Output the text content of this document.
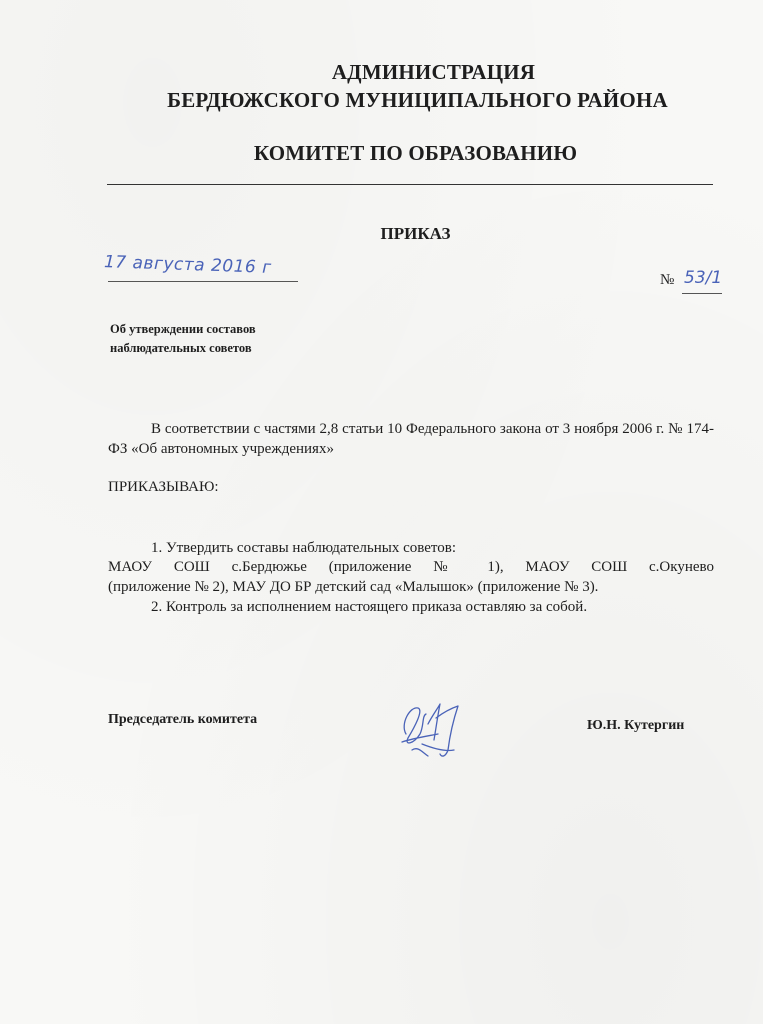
АДМИНИСТРАЦИЯ
БЕРДЮЖСКОГО МУНИЦИПАЛЬНОГО РАЙОНА
КОМИТЕТ ПО ОБРАЗОВАНИЮ
ПРИКАЗ
17 августа 2016 г
№ 53/1
Об утверждении составов
наблюдательных советов
В соответствии с частями 2,8 статьи 10 Федерального закона от 3 ноября 2006 г. № 174-ФЗ «Об автономных учреждениях»
ПРИКАЗЫВАЮ:
1. Утвердить составы наблюдательных советов:
МАОУ СОШ с.Бердюжье (приложение № 1), МАОУ СОШ с.Окунево
(приложение № 2), МАУ ДО БР детский сад «Малышок» (приложение № 3).
2. Контроль за исполнением настоящего приказа оставляю за собой.
Председатель комитета	Ю.Н. Кутергин
